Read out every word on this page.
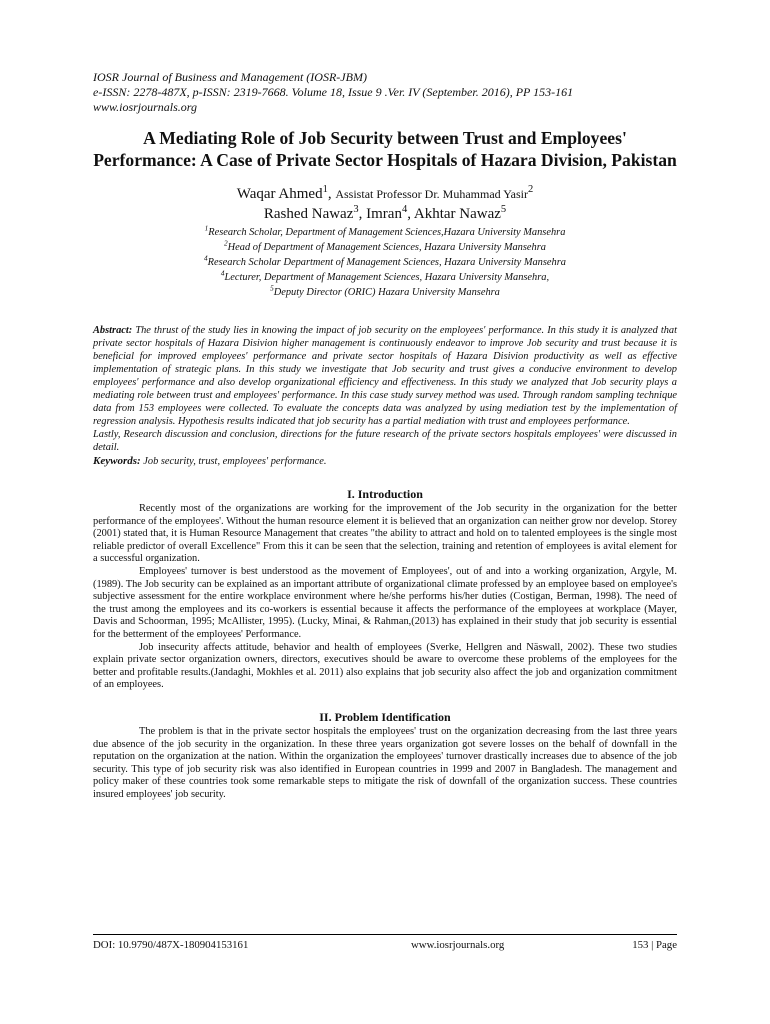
IOSR Journal of Business and Management (IOSR-JBM)
e-ISSN: 2278-487X, p-ISSN: 2319-7668. Volume 18, Issue 9 .Ver. IV (September. 2016), PP 153-161
www.iosrjournals.org
A Mediating Role of Job Security between Trust and Employees' Performance: A Case of Private Sector Hospitals of Hazara Division, Pakistan
Waqar Ahmed$^1$, Assistat Professor Dr. Muhammad Yasir$^2$
Rashed Nawaz$^3$, Imran$^4$, Akhtar Nawaz$^5$
$^1$Research Scholar, Department of Management Sciences,Hazara University Mansehra
$^2$Head of Department of Management Sciences, Hazara University Mansehra
$^4$Research Scholar Department of Management Sciences, Hazara University Mansehra
$^4$Lecturer, Department of Management Sciences, Hazara University Mansehra,
$^5$Deputy Director (ORIC) Hazara University Mansehra

Abstract: The thrust of the study lies in knowing the impact of job security on the employees' performance. In this study it is analyzed that private sector hospitals of Hazara Disivion higher management is continuously endeavor to improve Job security and trust because it is beneficial for improved employees' performance and private sector hospitals of Hazara Disivion productivity as well as effective implementation of strategic plans. In this study we investigate that Job security and trust gives a conducive environment to develop employees' performance and also develop organizational efficiency and effectiveness. In this study we analyzed that Job security plays a mediating role between trust and employees' performance. In this case study survey method was used. Through random sampling technique data from 153 employees were collected. To evaluate the concepts data was analyzed by using mediation test by the implementation of regression analysis. Hypothesis results indicated that job security has a partial mediation with trust and employees performance.

Lastly, Research discussion and conclusion, directions for the future research of the private sectors hospitals employees' were discussed in detail.

Keywords: Job security, trust, employees' performance.
I. Introduction

Recently most of the organizations are working for the improvement of the Job security in the organization for the better performance of the employees'. Without the human resource element it is believed that an organization can neither grow nor develop. Storey (2001) stated that, it is Human Resource Management that creates "the ability to attract and hold on to talented employees is the single most reliable predictor of overall Excellence" From this it can be seen that the selection, training and retention of employees is avital element for a successful organization.

Employees' turnover is best understood as the movement of Employees', out of and into a working organization, Argyle, M. (1989). The Job security can be explained as an important attribute of organizational climate professed by an employee based on employee's subjective assessment for the entire workplace environment where he/she performs his/her duties (Costigan, Berman, 1998). The need of the trust among the employees and its co-workers is essential because it affects the performance of the employees at workplace (Mayer, Davis and Schoorman, 1995; McAllister, 1995). (Lucky, Minai, & Rahman,(2013) has explained in their study that job security is essential for the betterment of the employees' Performance.

Job insecurity affects attitude, behavior and health of employees (Sverke, Hellgren and Näswall, 2002). These two studies explain private sector organization owners, directors, executives should be aware to overcome these problems of the employees for the better and profitable results.(Jandaghi, Mokhles et al. 2011) also explains that job security also affect the job and organization commitment of an employees.

II. Problem Identification

The problem is that in the private sector hospitals the employees' trust on the organization decreasing from the last three years due absence of the job security in the organization. In these three years organization got severe losses on the behalf of downfall in the reputation on the organization at the nation. Within the organization the employees' turnover drastically increases due to absence of the job security. This type of job security risk was also identified in European countries in 1999 and 2007 in Bangladesh. The management and policy maker of these countries took some remarkable steps to mitigate the risk of downfall of the organization success. These countries insured employees' job security.

DOI: 10.9790/487X-180904153161	www.iosrjournals.org	153 | Page
